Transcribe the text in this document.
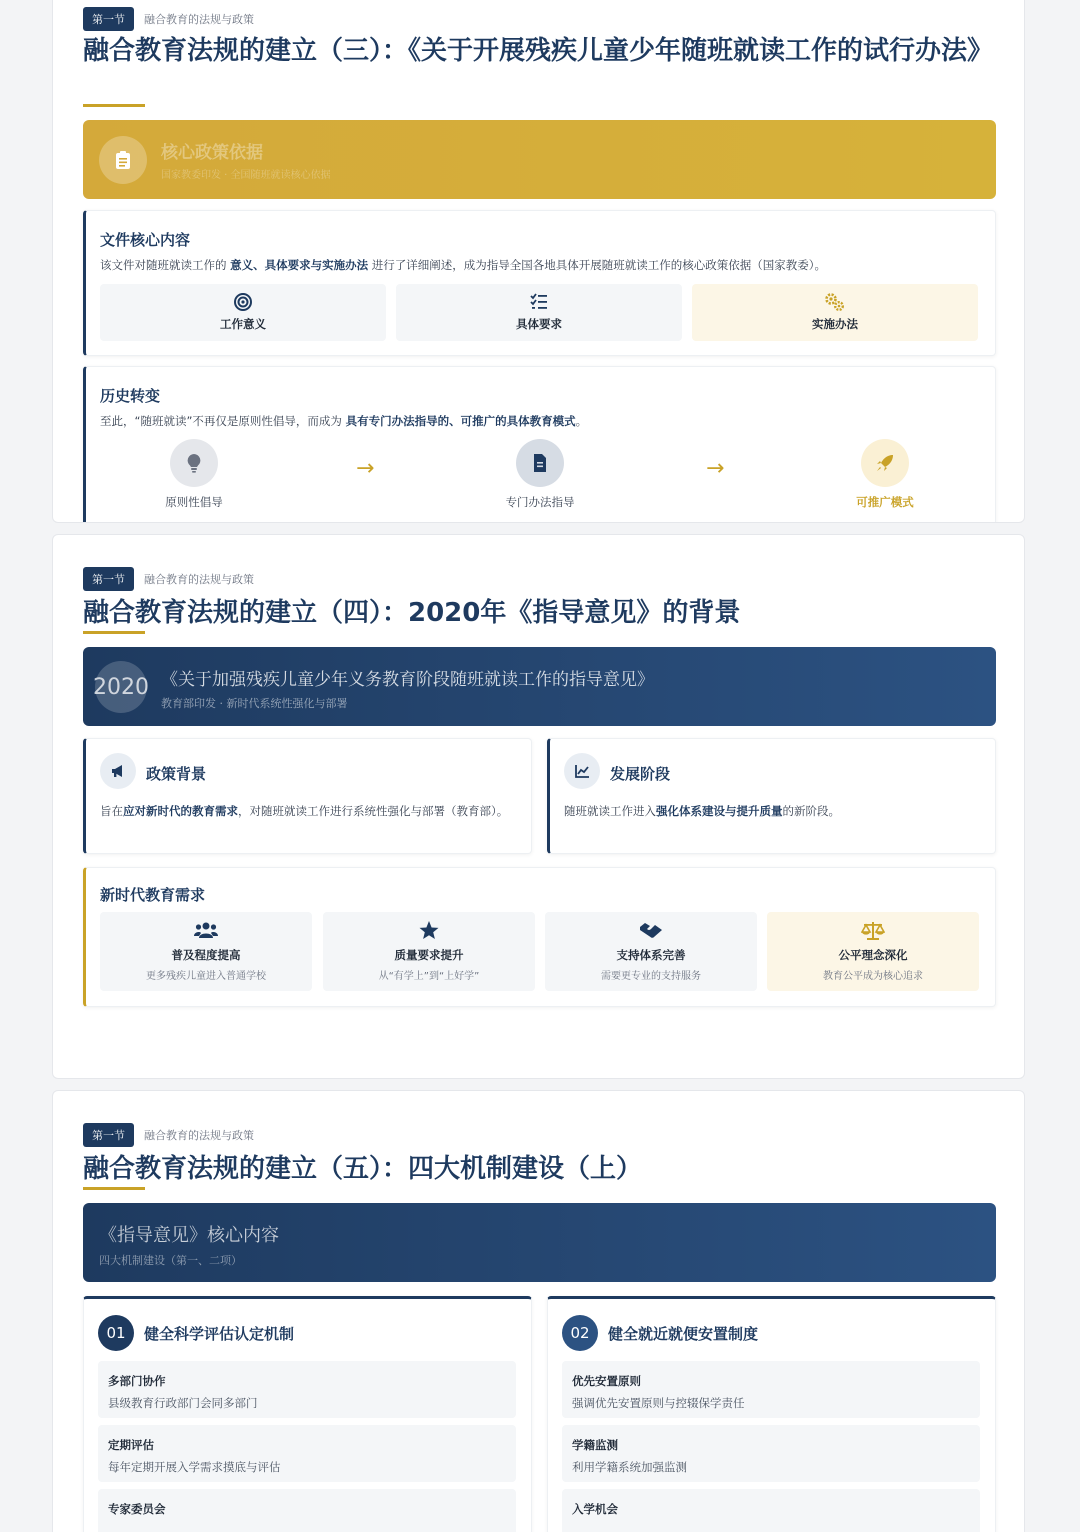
第一节	融合教育的法规与政策
融合教育法规的建立（三）：《关于开展残疾儿童少年随班就读工作的试行办法》
核心政策依据
国家教委印发 · 全国随班就读核心依据
文件核心内容
该文件对随班就读工作的 意义、具体要求与实施办法 进行了详细阐述，成为指导全国各地具体开展随班就读工作的核心政策依据（国家教委）。
工作意义	具体要求	实施办法
历史转变
至此，“随班就读”不再仅是原则性倡导，而成为 具有专门办法指导的、可推广的具体教育模式。
原则性倡导
→
专门办法指导
→
可推广模式
第一节	融合教育的法规与政策
融合教育法规的建立（四）：2020年《指导意见》的背景
2020 《关于加强残疾儿童少年义务教育阶段随班就读工作的指导意见》
教育部印发 · 新时代系统性强化与部署
政策背景
旨在应对新时代的教育需求，对随班就读工作进行系统性强化与部署（教育部）。
发展阶段
随班就读工作进入强化体系建设与提升质量的新阶段。
新时代教育需求
普及程度提高
更多残疾儿童进入普通学校
质量要求提升
从“有学上”到“上好学”
支持体系完善
需要更专业的支持服务
公平理念深化
教育公平成为核心追求
第一节	融合教育的法规与政策
融合教育法规的建立（五）：四大机制建设（上）
《指导意见》核心内容
四大机制建设（第一、二项）
01	健全科学评估认定机制
多部门协作
县级教育行政部门会同多部门
定期评估
每年定期开展入学需求摸底与评估
专家委员会
02	健全就近就便安置制度
优先安置原则
强调优先安置原则与控辍保学责任
学籍监测
利用学籍系统加强监测
入学机会
